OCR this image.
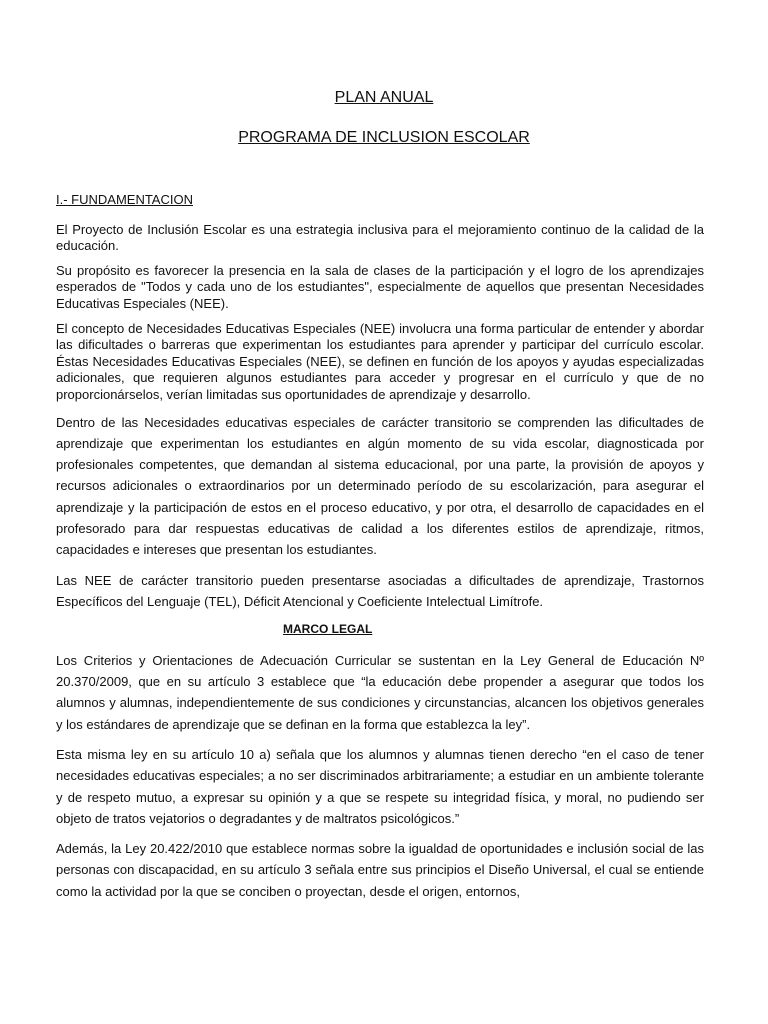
PLAN ANUAL
PROGRAMA DE INCLUSION ESCOLAR
I.- FUNDAMENTACION

El Proyecto de Inclusión Escolar es una estrategia inclusiva para el mejoramiento continuo de la calidad de la educación.

Su propósito es favorecer la presencia en la sala de clases de la participación y el logro de los aprendizajes esperados de "Todos y cada uno de los estudiantes", especialmente de aquellos que presentan Necesidades Educativas Especiales (NEE).

El concepto de Necesidades Educativas Especiales (NEE) involucra una forma particular de entender y abordar las dificultades o barreras que experimentan los estudiantes para aprender y participar del currículo escolar. Éstas Necesidades Educativas Especiales (NEE), se definen en función de los apoyos y ayudas especializadas adicionales, que requieren algunos estudiantes para acceder y progresar en el currículo y que de no proporcionárselos, verían limitadas sus oportunidades de aprendizaje y desarrollo.

Dentro de las Necesidades educativas especiales de carácter transitorio se comprenden las dificultades de aprendizaje que experimentan los estudiantes en algún momento de su vida escolar, diagnosticada por profesionales competentes, que demandan al sistema educacional, por una parte, la provisión de apoyos y recursos adicionales o extraordinarios por un determinado período de su escolarización, para asegurar el aprendizaje y la participación de estos en el proceso educativo, y por otra, el desarrollo de capacidades en el profesorado para dar respuestas educativas de calidad a los diferentes estilos de aprendizaje, ritmos, capacidades e intereses que presentan los estudiantes.

Las NEE de carácter transitorio pueden presentarse asociadas a dificultades de aprendizaje, Trastornos Específicos del Lenguaje (TEL), Déficit Atencional y Coeficiente Intelectual Limítrofe.

MARCO LEGAL

Los Criterios y Orientaciones de Adecuación Curricular se sustentan en la Ley General de Educación Nº 20.370/2009, que en su artículo 3 establece que “la educación debe propender a asegurar que todos los alumnos y alumnas, independientemente de sus condiciones y circunstancias, alcancen los objetivos generales y los estándares de aprendizaje que se definan en la forma que establezca la ley”.

Esta misma ley en su artículo 10 a) señala que los alumnos y alumnas tienen derecho “en el caso de tener necesidades educativas especiales; a no ser discriminados arbitrariamente; a estudiar en un ambiente tolerante y de respeto mutuo, a expresar su opinión y a que se respete su integridad física, y moral, no pudiendo ser objeto de tratos vejatorios o degradantes y de maltratos psicológicos.”

Además, la Ley 20.422/2010 que establece normas sobre la igualdad de oportunidades e inclusión social de las personas con discapacidad, en su artículo 3 señala entre sus principios el Diseño Universal, el cual se entiende como la actividad por la que se conciben o proyectan, desde el origen, entornos,
